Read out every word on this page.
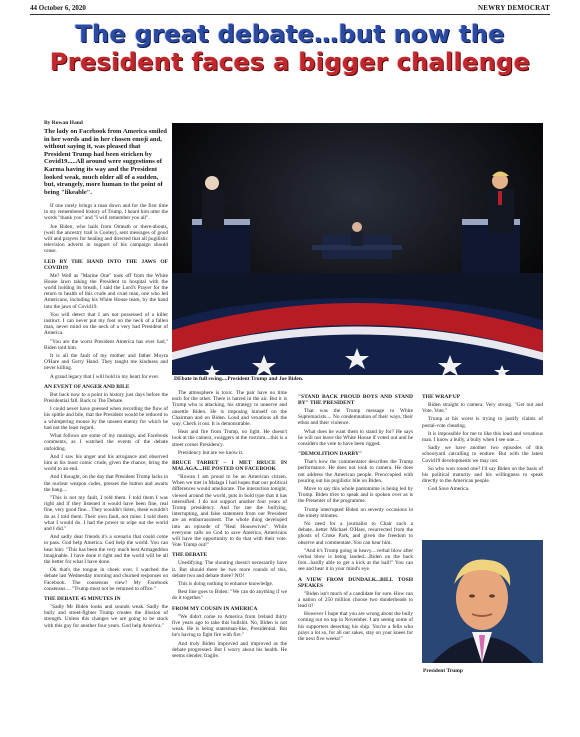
44 October 6, 2020	NEWRY DEMOCRAT
The great debate…but now the
President faces a bigger challenge
By Rowan Hand
The lady on Facebook from America smiled in her words and in her chosen emoji and, without saying it, was pleased that President Trump had been stricken by Covid19.....All around were suggestions of Karma having its way and the President looked weak, much older all of a sudden, but, strangely, more human to the point of being "likeable".
DEbate in full swing....President Trump and Joe Biden.

If one rarely brings a man down and for the first time in my remembered history of Trump, I heard him utter the words "thank you" and "I will remember you all".

Joe Biden, who hails from Omeath or there-abouts, (well the ancestry trail is Cooley), sent messages of good will and prayers for healing and directed that all pugilistic television adverts in support of his campaign should cease.

LED BY THE HAND INTO THE JAWS OF COVID19

Me? Well as "Marine One" took off from the White House lawn taking the President to hospital with the world holding its breath, I said the Lord's Prayer for the return to health of this crude and cruel man, one who led Americans, including his White House team, by the hand into the jaws of Covid19.

You will detect that I am not possessed of a killer instinct. I can never put my foot on the neck of a fallen man, never mind on the neck of a very bad President of America.

"You are the worst President America has ever had," Biden told him.

It is all the fault of my mother and father Moyra O'Hare and Gerry Hand. They taught me kindness and never killing.

A grand legacy that I will hold in my heart for ever.

AN EVENT OF ANGER AND BILE

But back now to a point in history just days before the Presidential fall. Back to The Debate.

I could never have guessed when recording the flow of his spittle and bile, that the President would be reduced to a whimpering mouse by the unseen enemy for which he had not the least regard.

What follows are some of my musings, and Facebook comments, as I watched the events of the debate unfolding.

And I saw his anger and his arrogance and observed him at his most comic crude, given the chance, bring the world to an end.

And I thought, on the day that President Trump lacks in the nuclear weapon codes, presses the button and awaits the bang....

"This is not my fault, I told them. I told them I was right and if they listened it would have been fine, real fine, very good fine... They wouldn't listen, these wouldn't do as I told them. Their own fault, not mine. I told them what I would do. I had the power to wipe out the world and I did."

And sadly dear friends it's a scenario that could come to pass. God help America. God help the world. You can hear him: "This has been the very much best Armageddon imaginable. I have done it right and the world will be all the better for what I have done.

Ok that's the tongue in cheek over. I watched the debate last Wednesday morning and churned responses on Facebook. The consensus view? My Facebook consensus.... "Trump must not be returned to office."

THE DEBATE 45 MINUTES IN

"Sadly Mr Biden looks and sounds weak. Sadly the bully and street-fighter Trump creates the illusion of strength. Unless this changes we are going to be stuck with this guy for another four years. God help America."

The atmosphere is toxic. The pair have no time each for the other. There is hatred in the air. But it is Trump who is attacking, his strategy to unnerve and unsettle Biden. He is imposing himself on the Chairman and on Biden. Loud and vexatious all the way. Check it out. It is demonstrable.

Heat and fire from Trump, no light. He doesn't look at the camera, swaggers at the rostrum....this is a street corner Presidency.

Presidency but are we know it.

BRUCE TARBET – I MET BRUCE IN MALAGA....HE POSTED ON FACEBOOK

"Rowan I am proud to be an American citizen. When we met in Malaga I had hopes that our political differences would ameliorate. The interaction tonight, viewed around the world, puts in bold type that it has intensified. I do not support another four years of Trump presidency. And for me the bullying, interrupting, and false statement from our President are an embarrassment. The whole thing developed into an episode of "Real Housewives". While everyone calls on God to save America, Americans will have the opportunity to do that with their vote. Vote Trump out!"

THE DEBATE

Unedifying. The shouting doesn't necessarily have it. But should there be two more rounds of this, debate two and debate three? NO!

This is doing nothing to enhance knowledge.

Best line goes to Biden: "We can do anything if we do it together."

FROM MY COUSIN IN AMERICA

"We didn't come to America from Ireland thirty five years ago to take this bullshit. No, Biden is not weak. He is being statesman-like, Presidential. But he's having to fight fire with fire."

And truly Biden improved and improved as the debate progressed. But I worry about his health. He seems slender, fragile.

"STAND BACK PROUD BOYS AND STAND BY" THE PRESIDENT

That was the Trump message to White Supremacists.... No condemnation of their ways, their ethos and their violence.

What does he want them to stand by for? He says he will not leave the White House if voted out and he considers the vote to have been rigged.

"DEMOLITION DARBY"

That's how the commentator describes the Trump performance. He does not look to camera. He does not address the American people. Preoccupied with pouring out his pugilistic bile on Biden.

Move to say this whole pantomime is being led by Trump. Biden tries to speak and is spoken over as is the Presenter of the programme.

Trump interrupted Biden on seventy occasions in the ninety minutes.

No need for a journalist to Chair such a debate...better Michael O'Hare, resurrected from the ghosts of Croke Park, and given the freedom to observe and commentate. You can hear him.

"And it's Trump going in heavy....verbal blow after verbal blow is being landed....Biden on the back foot...hardly able to get a kick at the ball!" You can see and hear it in your mind's eye.

A VIEW FROM DUNDALK...BILL TOSH SPEAKES

"Biden isn't much of a candidate for sure. How can a nation of 250 million choose two dunderheads to lead it?

However I hope that you are wrong about the bully coming out on top in November. I am seeing some of his supporters deserting his ship. You're a fella who prays a lot so, for all our sakes, stay on your knees for the next five weeks!"

THE WRAP UP

Biden straight to camera. Very strong. "Get out and Vote. Vote."

Trump at his worst is trying to justify claims of postal-vote cheating.

It is impossible for me to like this loud and vexatious man. I know a bully, a bully when I see one....

Sadly we have another two episodes of this schoolyard catcalling to endure. But with the latest Covid19 developments we may not.

So who won round one? I'd say Biden on the basis of his political maturity and his willingness to speak directly to the American people.

God Save America.

President Trump
